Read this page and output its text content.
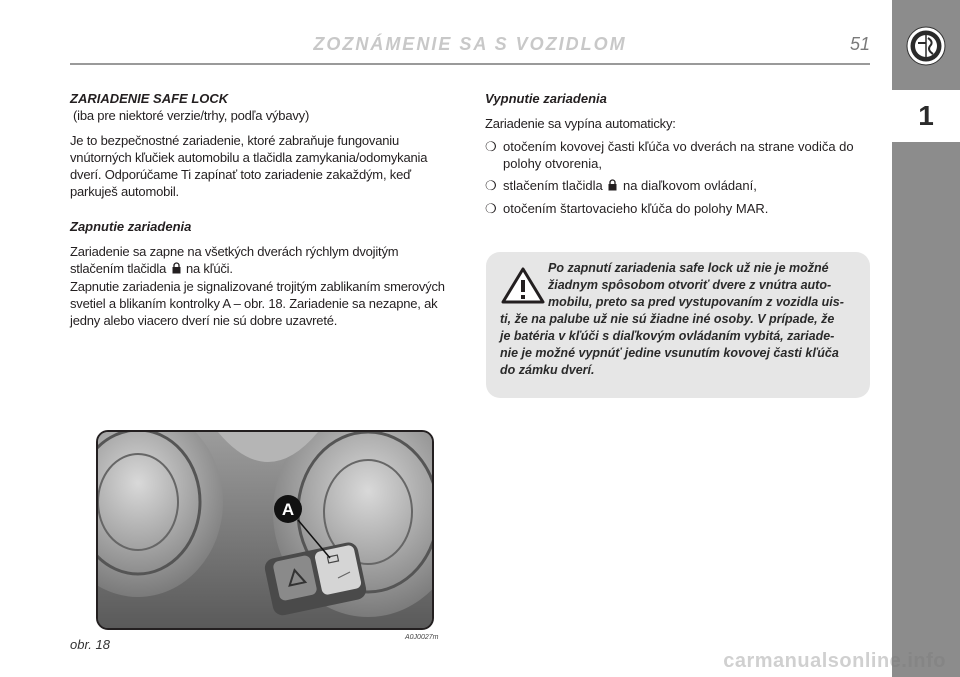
ZOZNÁMENIE SA S VOZIDLOM	51
1

ZARIADENIE SAFE LOCK

(iba pre niektoré verzie/trhy, podľa výbavy)

Je to bezpečnostné zariadenie, ktoré zabraňuje fungovaniu vnútorných kľučiek automobilu a tlačidla zamykania/odomykania dverí. Odporúčame Ti zapínať toto zariadenie zakaždým, keď parkuješ automobil.

Zapnutie zariadenia

Zariadenie sa zapne na všetkých dverách rýchlym dvojitým stlačením tlačidla na kľúči.

Zapnutie zariadenia je signalizované trojitým zablikaním smerových svetiel a blikaním kontrolky A – obr. 18. Zariadenie sa nezapne, ak jedny alebo viacero dverí nie sú dobre uzavreté.

Vypnutie zariadenia

Zariadenie sa vypína automaticky:

❍ otočením kovovej časti kľúča vo dverách na strane vodiča do polohy otvorenia,
❍ stlačením tlačidla na diaľkovom ovládaní,
❍ otočením štartovacieho kľúča do polohy MAR.
Po zapnutí zariadenia safe lock už nie je možné
žiadnym spôsobom otvoriť dvere z vnútra auto-
mobilu, preto sa pred vystupovaním z vozidla uis-
ti, že na palube už nie sú žiadne iné osoby. V prípade, že
je batéria v kľúči s diaľkovým ovládaním vybitá, zariade-
nie je možné vypnúť jedine vsunutím kovovej časti kľúča
do zámku dverí.
A
obr. 18	A0J0027m
carmanualsonline.info
